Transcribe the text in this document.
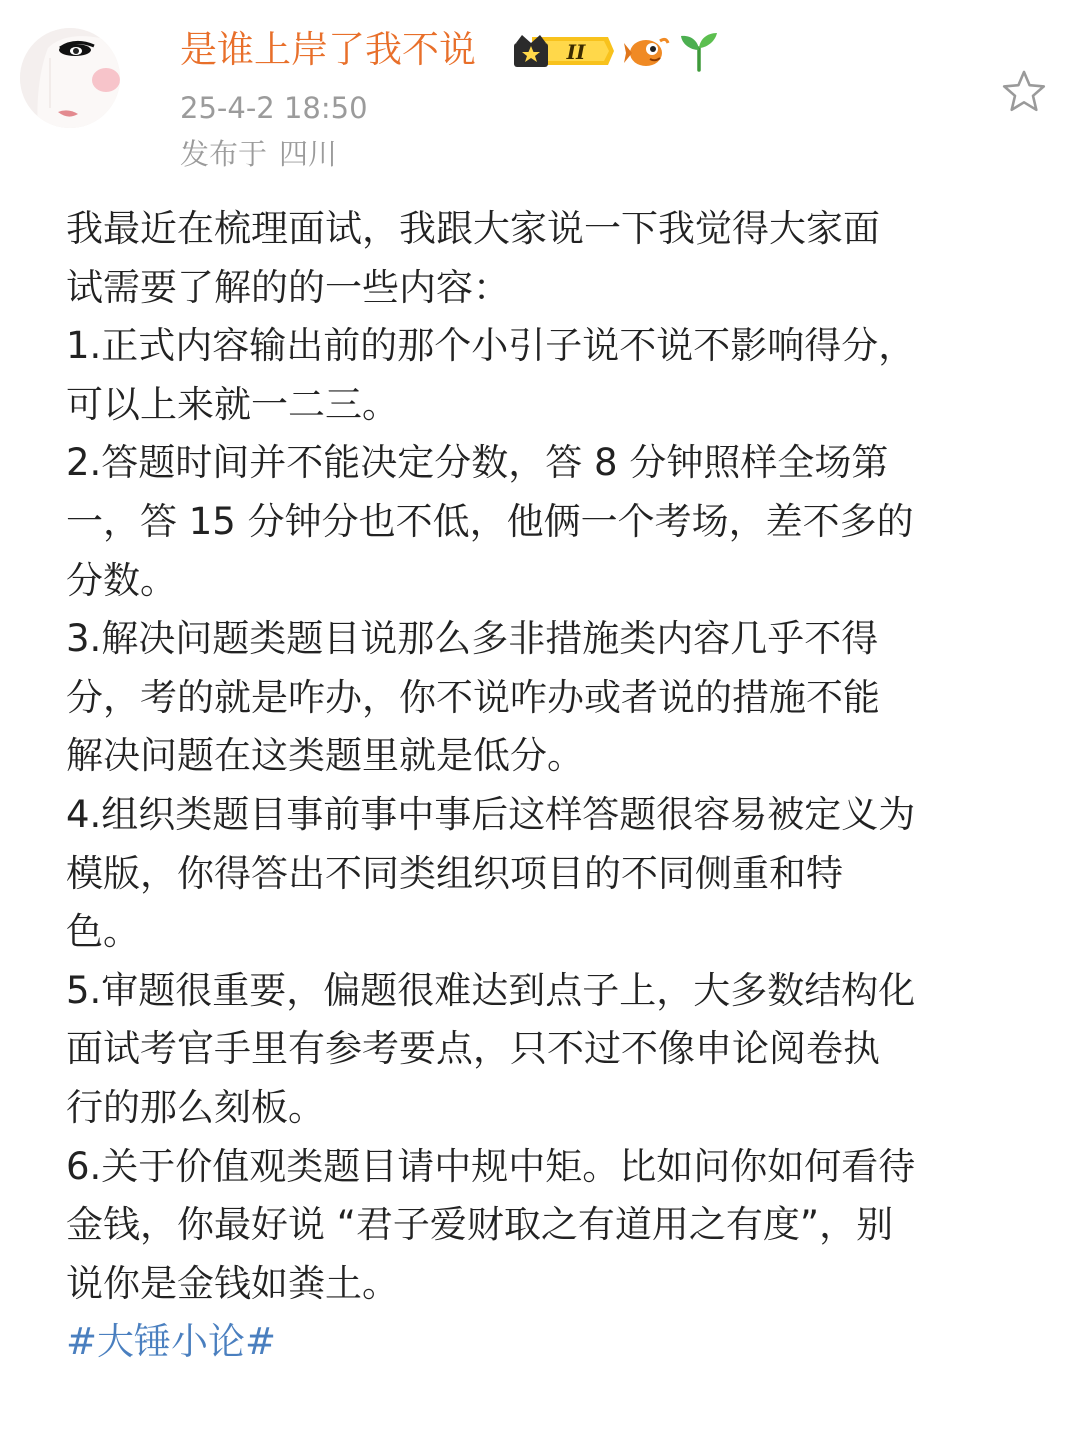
是谁上岸了我不说	II
25-4-2 18:50
发布于 四川
我最近在梳理面试，我跟大家说一下我觉得大家面
试需要了解的的一些内容：
1.正式内容输出前的那个小引子说不说不影响得分，
可以上来就一二三。
2.答题时间并不能决定分数，答 8 分钟照样全场第
一，答 15 分钟分也不低，他俩一个考场，差不多的
分数。
3.解决问题类题目说那么多非措施类内容几乎不得
分，考的就是咋办，你不说咋办或者说的措施不能
解决问题在这类题里就是低分。
4.组织类题目事前事中事后这样答题很容易被定义为
模版，你得答出不同类组织项目的不同侧重和特
色。
5.审题很重要，偏题很难达到点子上，大多数结构化
面试考官手里有参考要点，只不过不像申论阅卷执
行的那么刻板。
6.关于价值观类题目请中规中矩。比如问你如何看待
金钱，你最好说 “君子爱财取之有道用之有度”，别
说你是金钱如粪土。
#大锤小论#
